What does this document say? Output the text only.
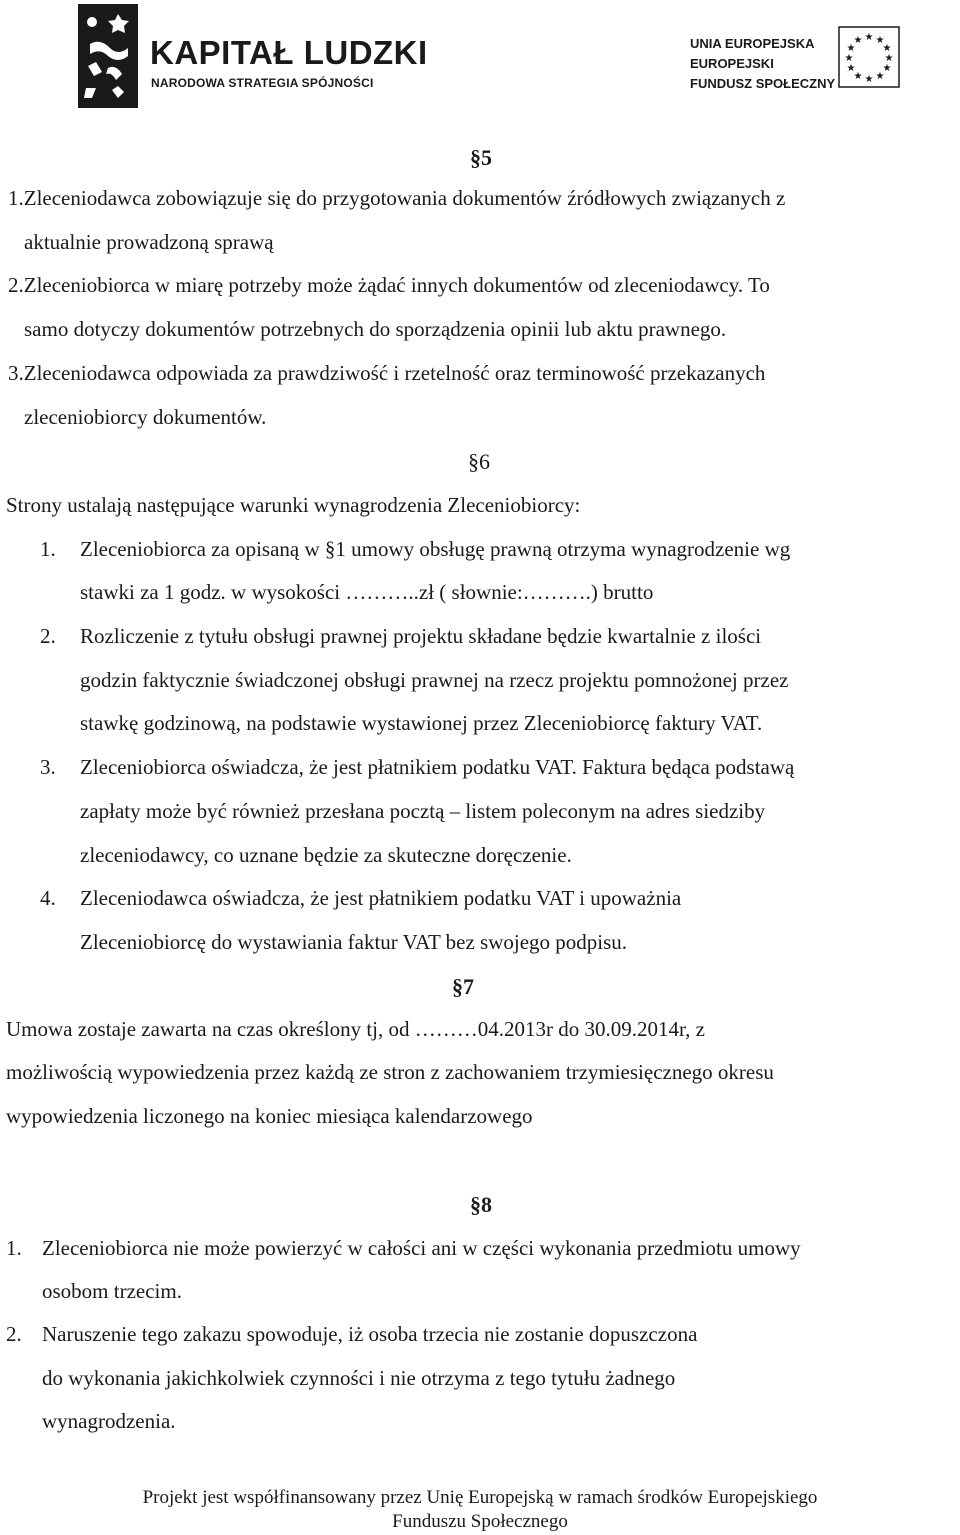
KAPITAŁ LUDZKI
NARODOWA STRATEGIA SPÓJNOŚCI
UNIA EUROPEJSKA
EUROPEJSKI
FUNDUSZ SPOŁECZNY
★ ★
★
★
★
★
★
★
★
★
★
★
§5
1.Zleceniodawca zobowiązuje się do przygotowania dokumentów źródłowych związanych z
aktualnie prowadzoną sprawą
2.Zleceniobiorca w miarę potrzeby może żądać innych dokumentów od zleceniodawcy. To
samo dotyczy dokumentów potrzebnych do sporządzenia opinii lub aktu prawnego.
3.Zleceniodawca odpowiada za prawdziwość i rzetelność oraz terminowość przekazanych
zleceniobiorcy dokumentów.
§6
Strony ustalają następujące warunki wynagrodzenia Zleceniobiorcy:
1. Zleceniobiorca za opisaną w §1 umowy obsługę prawną otrzyma wynagrodzenie wg
stawki za 1 godz. w wysokości ………..zł ( słownie:……….) brutto
2. Rozliczenie z tytułu obsługi prawnej projektu składane będzie kwartalnie z ilości
godzin faktycznie świadczonej obsługi prawnej na rzecz projektu pomnożonej przez
stawkę godzinową, na podstawie wystawionej przez Zleceniobiorcę faktury VAT.
3. Zleceniobiorca oświadcza, że jest płatnikiem podatku VAT. Faktura będąca podstawą
zapłaty może być również przesłana pocztą – listem poleconym na adres siedziby
zleceniodawcy, co uznane będzie za skuteczne doręczenie.
4. Zleceniodawca oświadcza, że jest płatnikiem podatku VAT i upoważnia
Zleceniobiorcę do wystawiania faktur VAT bez swojego podpisu.
§7
Umowa zostaje zawarta na czas określony tj, od ………04.2013r do 30.09.2014r, z
możliwością wypowiedzenia przez każdą ze stron z zachowaniem trzymiesięcznego okresu
wypowiedzenia liczonego na koniec miesiąca kalendarzowego
§8
1. Zleceniobiorca nie może powierzyć w całości ani w części wykonania przedmiotu umowy
osobom trzecim.
2. Naruszenie tego zakazu spowoduje, iż osoba trzecia nie zostanie dopuszczona
do wykonania jakichkolwiek czynności i nie otrzyma z tego tytułu żadnego
wynagrodzenia.
Projekt jest współfinansowany przez Unię Europejską w ramach środków Europejskiego
Funduszu Społecznego
